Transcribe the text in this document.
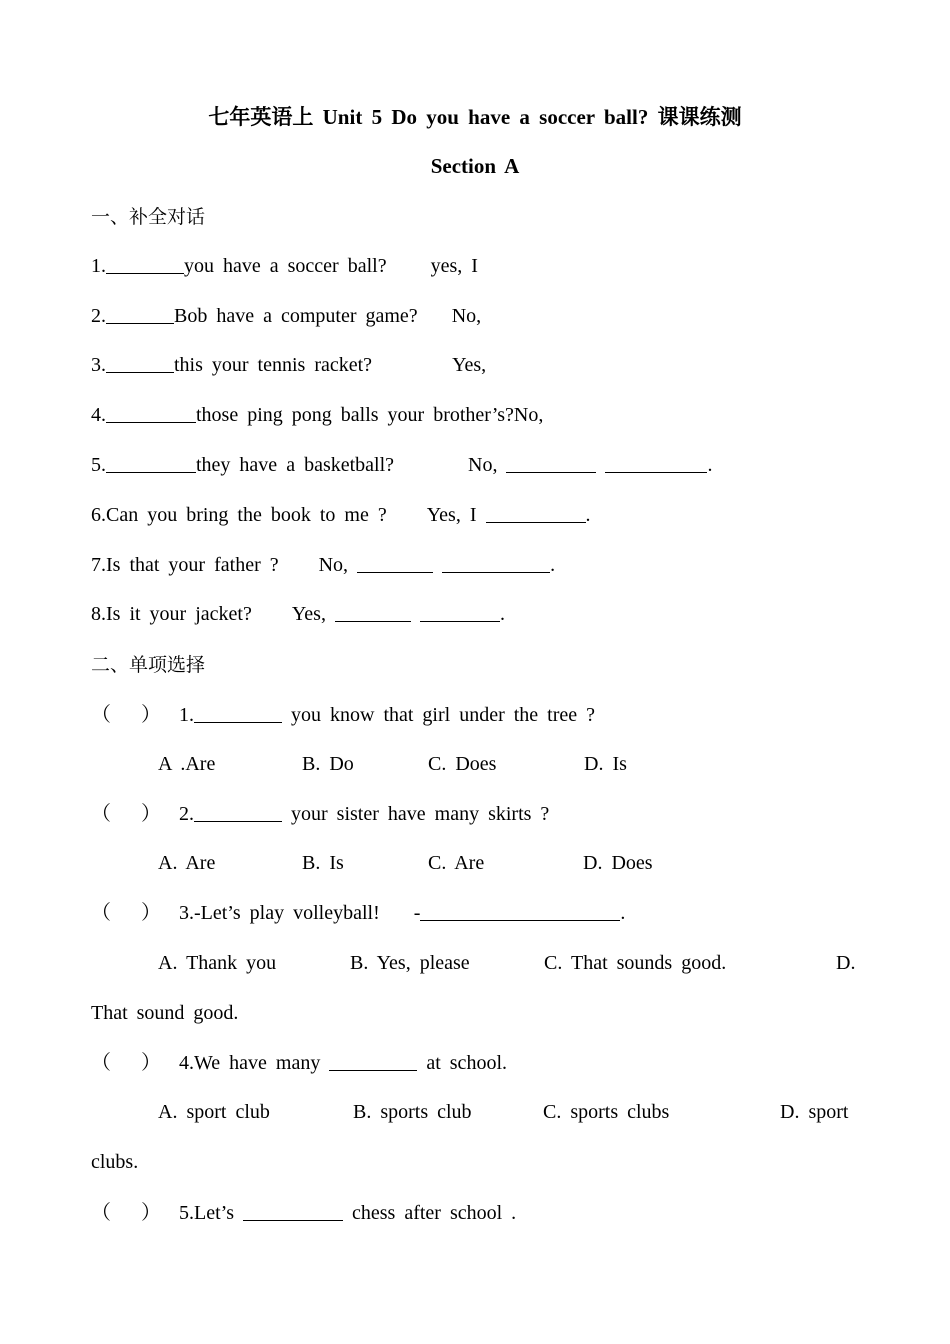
七年英语上 Unit 5 Do you have a soccer ball? 课课练测
Section A
一、补全对话
1.	you have a soccer ball? yes, I
2.	Bob have a computer game? No,
3.	this your tennis racket?	Yes,
4.	those ping pong balls your brother’s?No,
5.	they have a basketball?	No,	.
6.Can you bring the book to me ? Yes, I	.
7.Is that your father ? No,	.
8.Is it your jacket? Yes,	.
二、单项选择
（ ） 1.	you know that girl under the tree ?
A .Are	B. Do	C. Does	D. Is
（ ） 2.	your sister have many skirts ?
A. Are	B. Is	C. Are	D. Does
（ ） 3.-Let’s play volleyball! -	.
A. Thank you	B. Yes, please	C. That sounds good.	D.
That sound good.
（ ） 4.We have many	at school.
A. sport club	B. sports club	C. sports clubs	D. sport
clubs.
（ ） 5.Let’s	chess after school .
